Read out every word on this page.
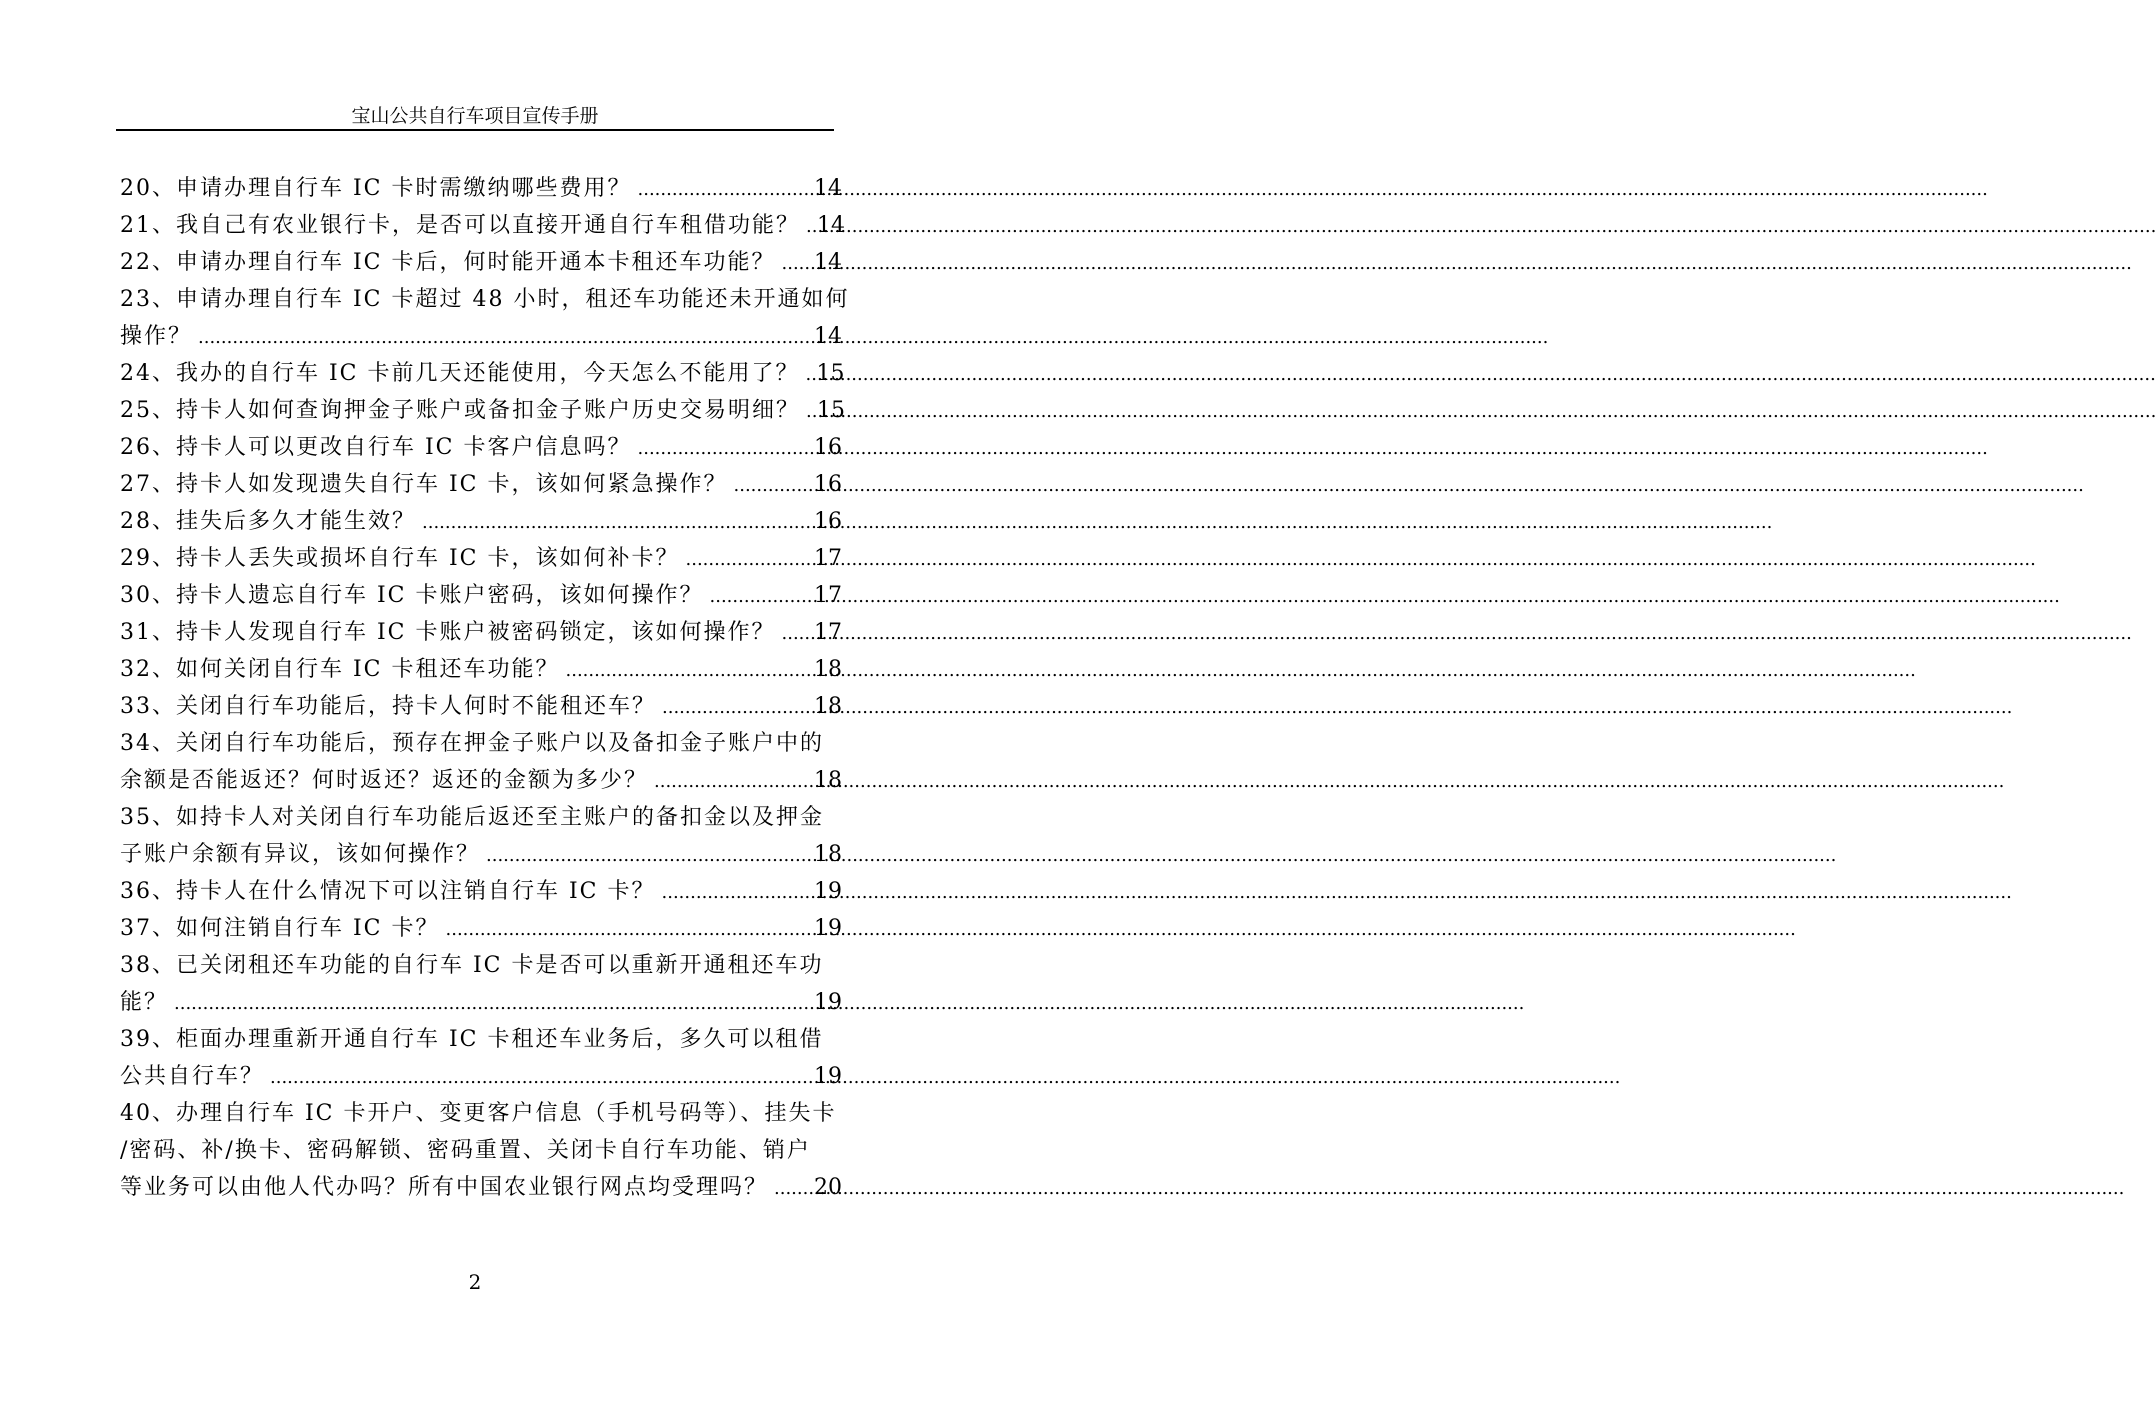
宝山公共自行车项目宣传手册
20、申请办理自行车 IC 卡时需缴纳哪些费用？ .....	14
21、我自己有农业银行卡，是否可以直接开通自行车租借功能？ ..... 14
22、申请办理自行车 IC 卡后，何时能开通本卡租还车功能？ ..... 14
23、申请办理自行车 IC 卡超过 48 小时，租还车功能还未开通如何
操作？ .....	14
24、我办的自行车 IC 卡前几天还能使用，今天怎么不能用了？ ..... 15
25、持卡人如何查询押金子账户或备扣金子账户历史交易明细？ ..... 15
26、持卡人可以更改自行车 IC 卡客户信息吗？ .....	16
27、持卡人如发现遗失自行车 IC 卡，该如何紧急操作？ .....	16
28、挂失后多久才能生效？ .....	16
29、持卡人丢失或损坏自行车 IC 卡，该如何补卡？ .....	17
30、持卡人遗忘自行车 IC 卡账户密码，该如何操作？ .....	17
31、持卡人发现自行车 IC 卡账户被密码锁定，该如何操作？ ..... 17
32、如何关闭自行车 IC 卡租还车功能？ .....	18
33、关闭自行车功能后，持卡人何时不能租还车？ .....	18
34、关闭自行车功能后，预存在押金子账户以及备扣金子账户中的
余额是否能返还？何时返还？返还的金额为多少？ .....	18
35、如持卡人对关闭自行车功能后返还至主账户的备扣金以及押金
子账户余额有异议，该如何操作？ .....	18
36、持卡人在什么情况下可以注销自行车 IC 卡？ .....	19
37、如何注销自行车 IC 卡？ .....	19
38、已关闭租还车功能的自行车 IC 卡是否可以重新开通租还车功
能？ .....	19
39、柜面办理重新开通自行车 IC 卡租还车业务后，多久可以租借
公共自行车？ .....	19
40、办理自行车 IC 卡开户、变更客户信息（手机号码等）、挂失卡
/密码、补/换卡、密码解锁、密码重置、关闭卡自行车功能、销户
等业务可以由他人代办吗？所有中国农业银行网点均受理吗？ ..... 20
2
